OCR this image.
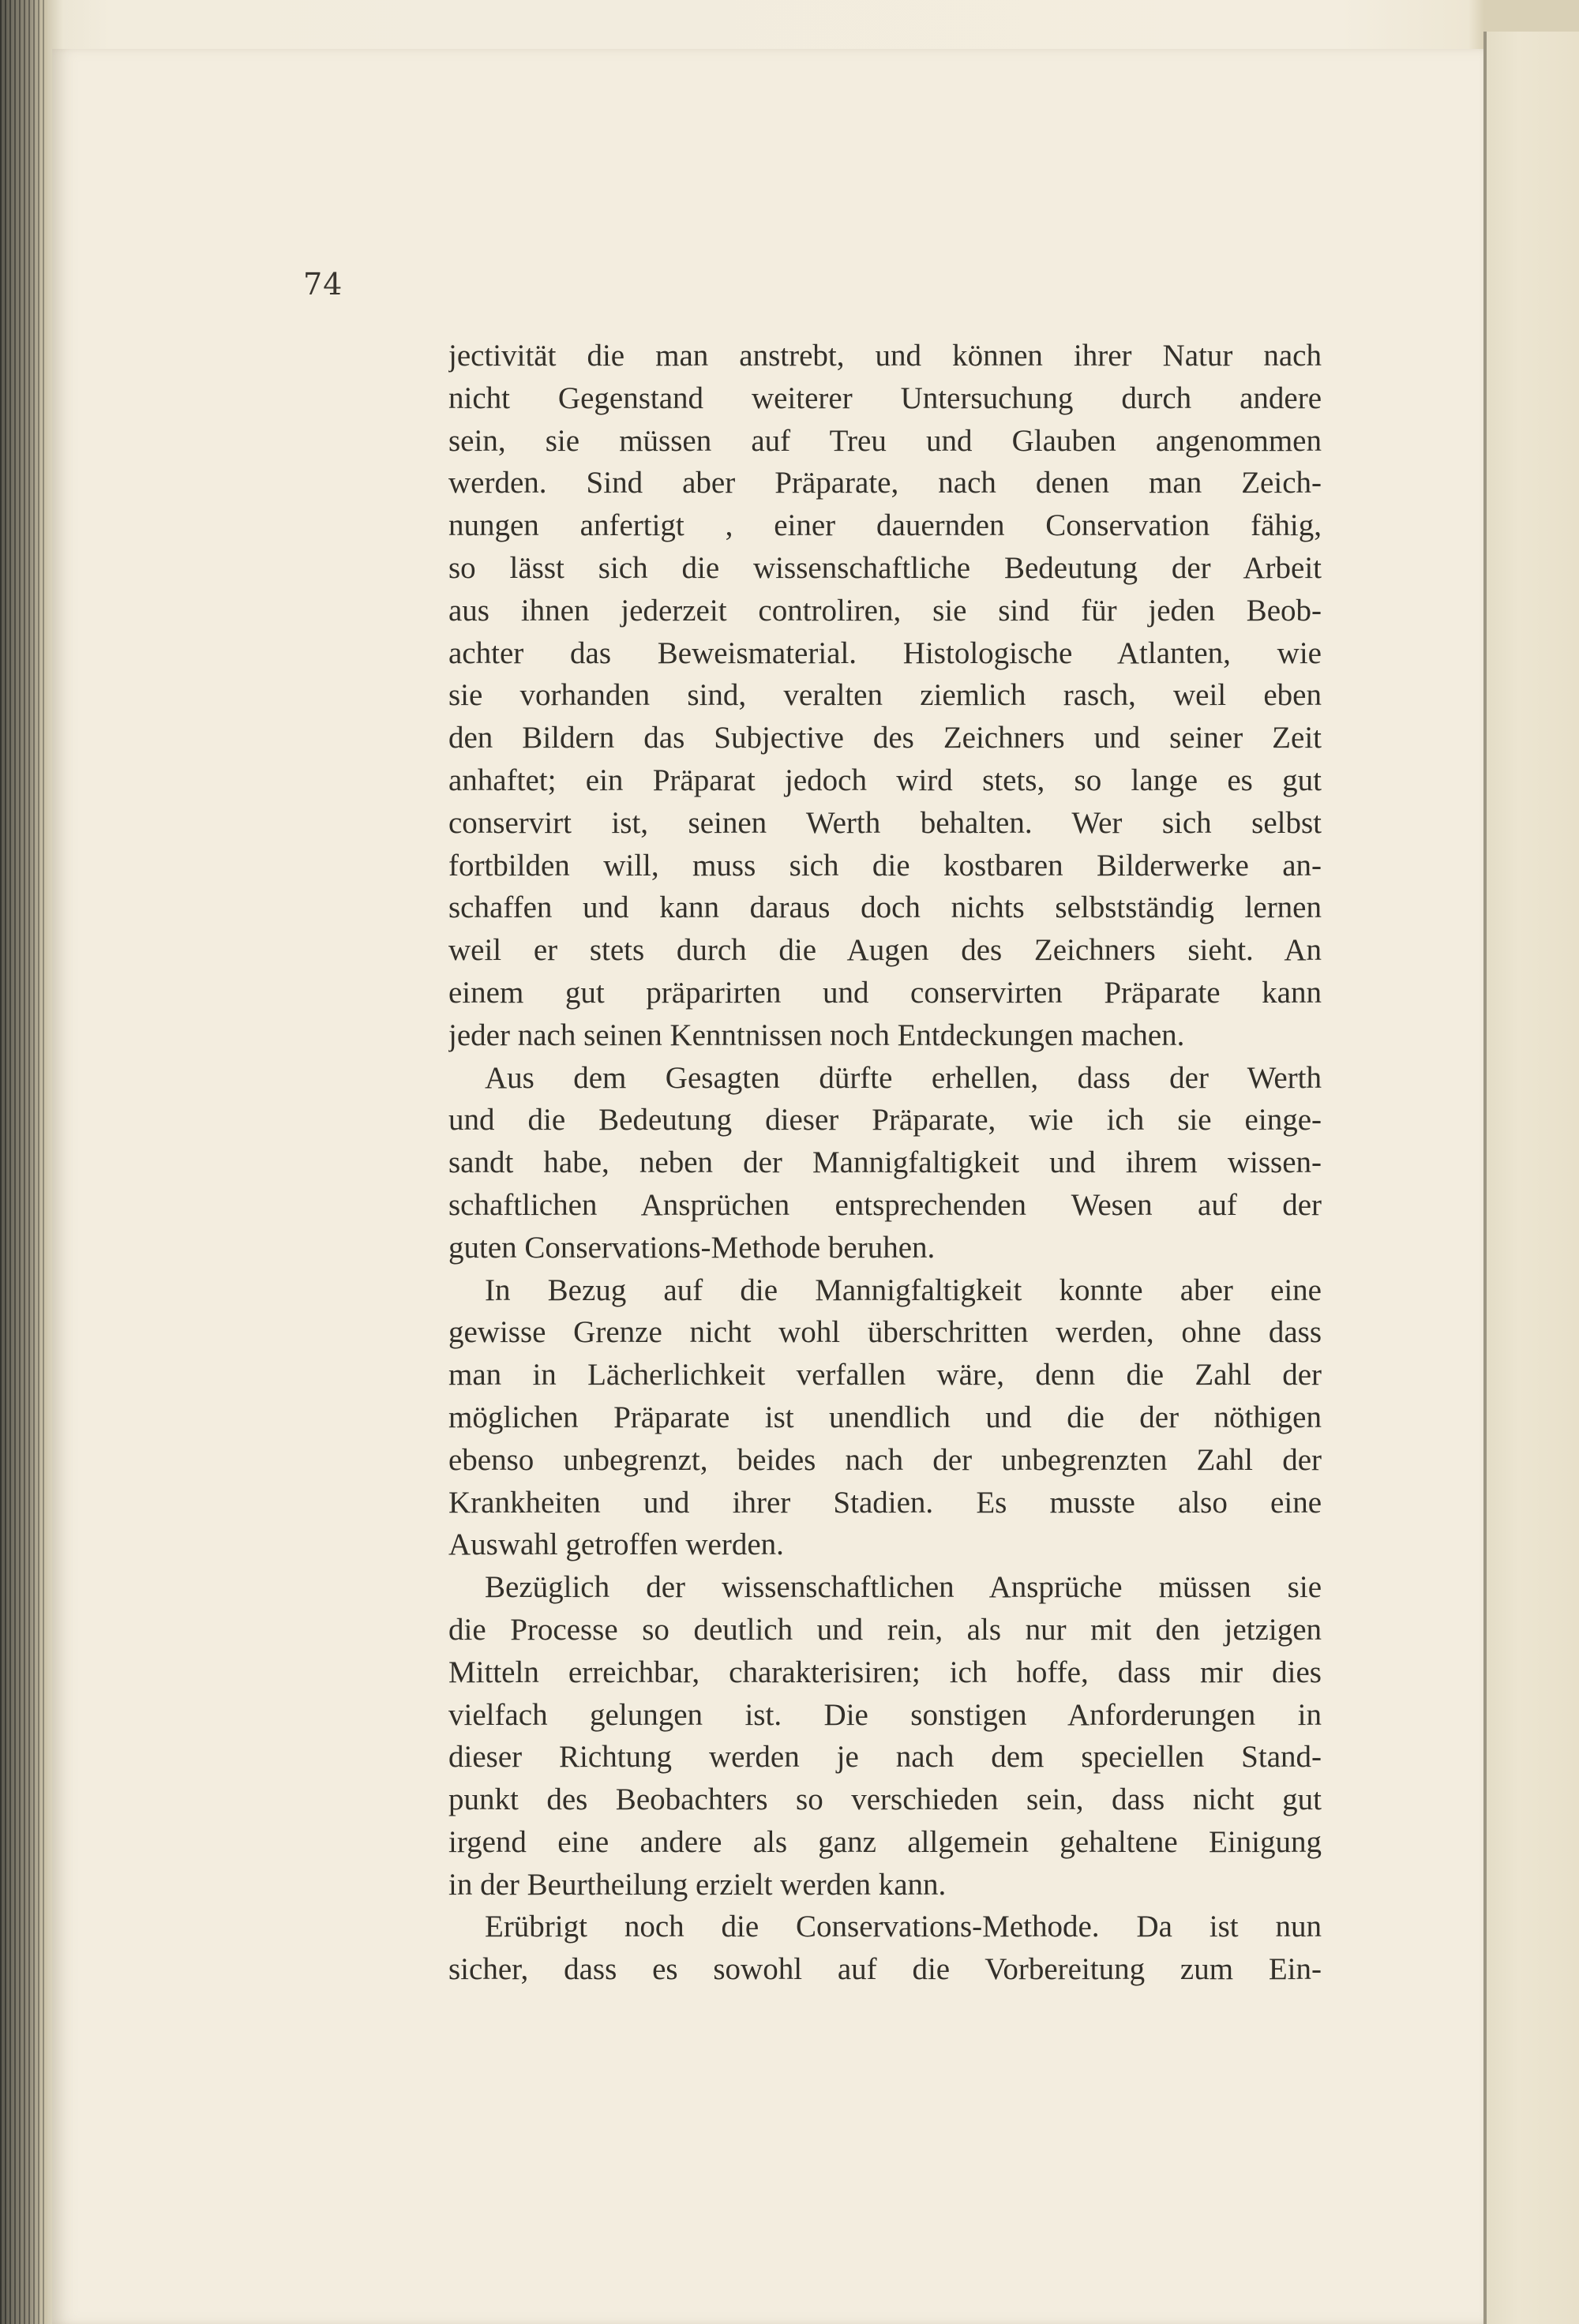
74
jectivität die man anstrebt, und können ihrer Natur nach
nicht Gegenstand weiterer Untersuchung durch andere
sein, sie müssen auf Treu und Glauben angenommen
werden. Sind aber Präparate, nach denen man Zeich-
nungen anfertigt , einer dauernden Conservation fähig,
so lässt sich die wissenschaftliche Bedeutung der Arbeit
aus ihnen jederzeit controliren, sie sind für jeden Beob-
achter das Beweismaterial. Histologische Atlanten, wie
sie vorhanden sind, veralten ziemlich rasch, weil eben
den Bildern das Subjective des Zeichners und seiner Zeit
anhaftet; ein Präparat jedoch wird stets, so lange es gut
conservirt ist, seinen Werth behalten. Wer sich selbst
fortbilden will, muss sich die kostbaren Bilderwerke an-
schaffen und kann daraus doch nichts selbstständig lernen
weil er stets durch die Augen des Zeichners sieht. An
einem gut präparirten und conservirten Präparate kann
jeder nach seinen Kenntnissen noch Entdeckungen machen.
Aus dem Gesagten dürfte erhellen, dass der Werth
und die Bedeutung dieser Präparate, wie ich sie einge-
sandt habe, neben der Mannigfaltigkeit und ihrem wissen-
schaftlichen Ansprüchen entsprechenden Wesen auf der
guten Conservations-Methode beruhen.
In Bezug auf die Mannigfaltigkeit konnte aber eine
gewisse Grenze nicht wohl überschritten werden, ohne dass
man in Lächerlichkeit verfallen wäre, denn die Zahl der
möglichen Präparate ist unendlich und die der nöthigen
ebenso unbegrenzt, beides nach der unbegrenzten Zahl der
Krankheiten und ihrer Stadien. Es musste also eine
Auswahl getroffen werden.
Bezüglich der wissenschaftlichen Ansprüche müssen sie
die Processe so deutlich und rein, als nur mit den jetzigen
Mitteln erreichbar, charakterisiren; ich hoffe, dass mir dies
vielfach gelungen ist. Die sonstigen Anforderungen in
dieser Richtung werden je nach dem speciellen Stand-
punkt des Beobachters so verschieden sein, dass nicht gut
irgend eine andere als ganz allgemein gehaltene Einigung
in der Beurtheilung erzielt werden kann.
Erübrigt noch die Conservations-Methode. Da ist nun
sicher, dass es sowohl auf die Vorbereitung zum Ein-
